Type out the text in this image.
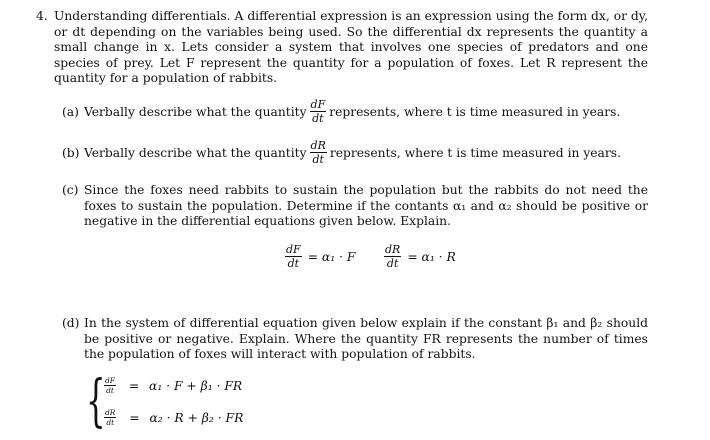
4. Understanding differentials. A differential expression is an expression using the form dx, or dy, or dt depending on the variables being used. So the differential dx represents the quantity a small change in x. Lets consider a system that involves one species of predators and one species of prey. Let F represent the quantity for a population of foxes. Let R represent the quantity for a population of rabbits.
(a) Verbally describe what the quantity $\frac{dF}{dt}$ represents, where t is time measured in years.
(b) Verbally describe what the quantity $\frac{dR}{dt}$ represents, where t is time measured in years.
(c) Since the foxes need rabbits to sustain the population but the rabbits do not need the foxes to sustain the population. Determine if the contants α₁ and α₂ should be positive or negative in the differential equations given below. Explain.
$\frac{dF}{dt} = \alpha_1 \cdot F$	$\frac{dR}{dt} = \alpha_1 \cdot R$
(d) In the system of differential equation given below explain if the constant β₁ and β₂ should be positive or negative. Explain. Where the quantity FR represents the number of times the population of foxes will interact with population of rabbits.
{
$\frac{dF}{dt}$	= α₁ · F + β₁ · FR
$\frac{dR}{dt}$	= α₂ · R + β₂ · FR
